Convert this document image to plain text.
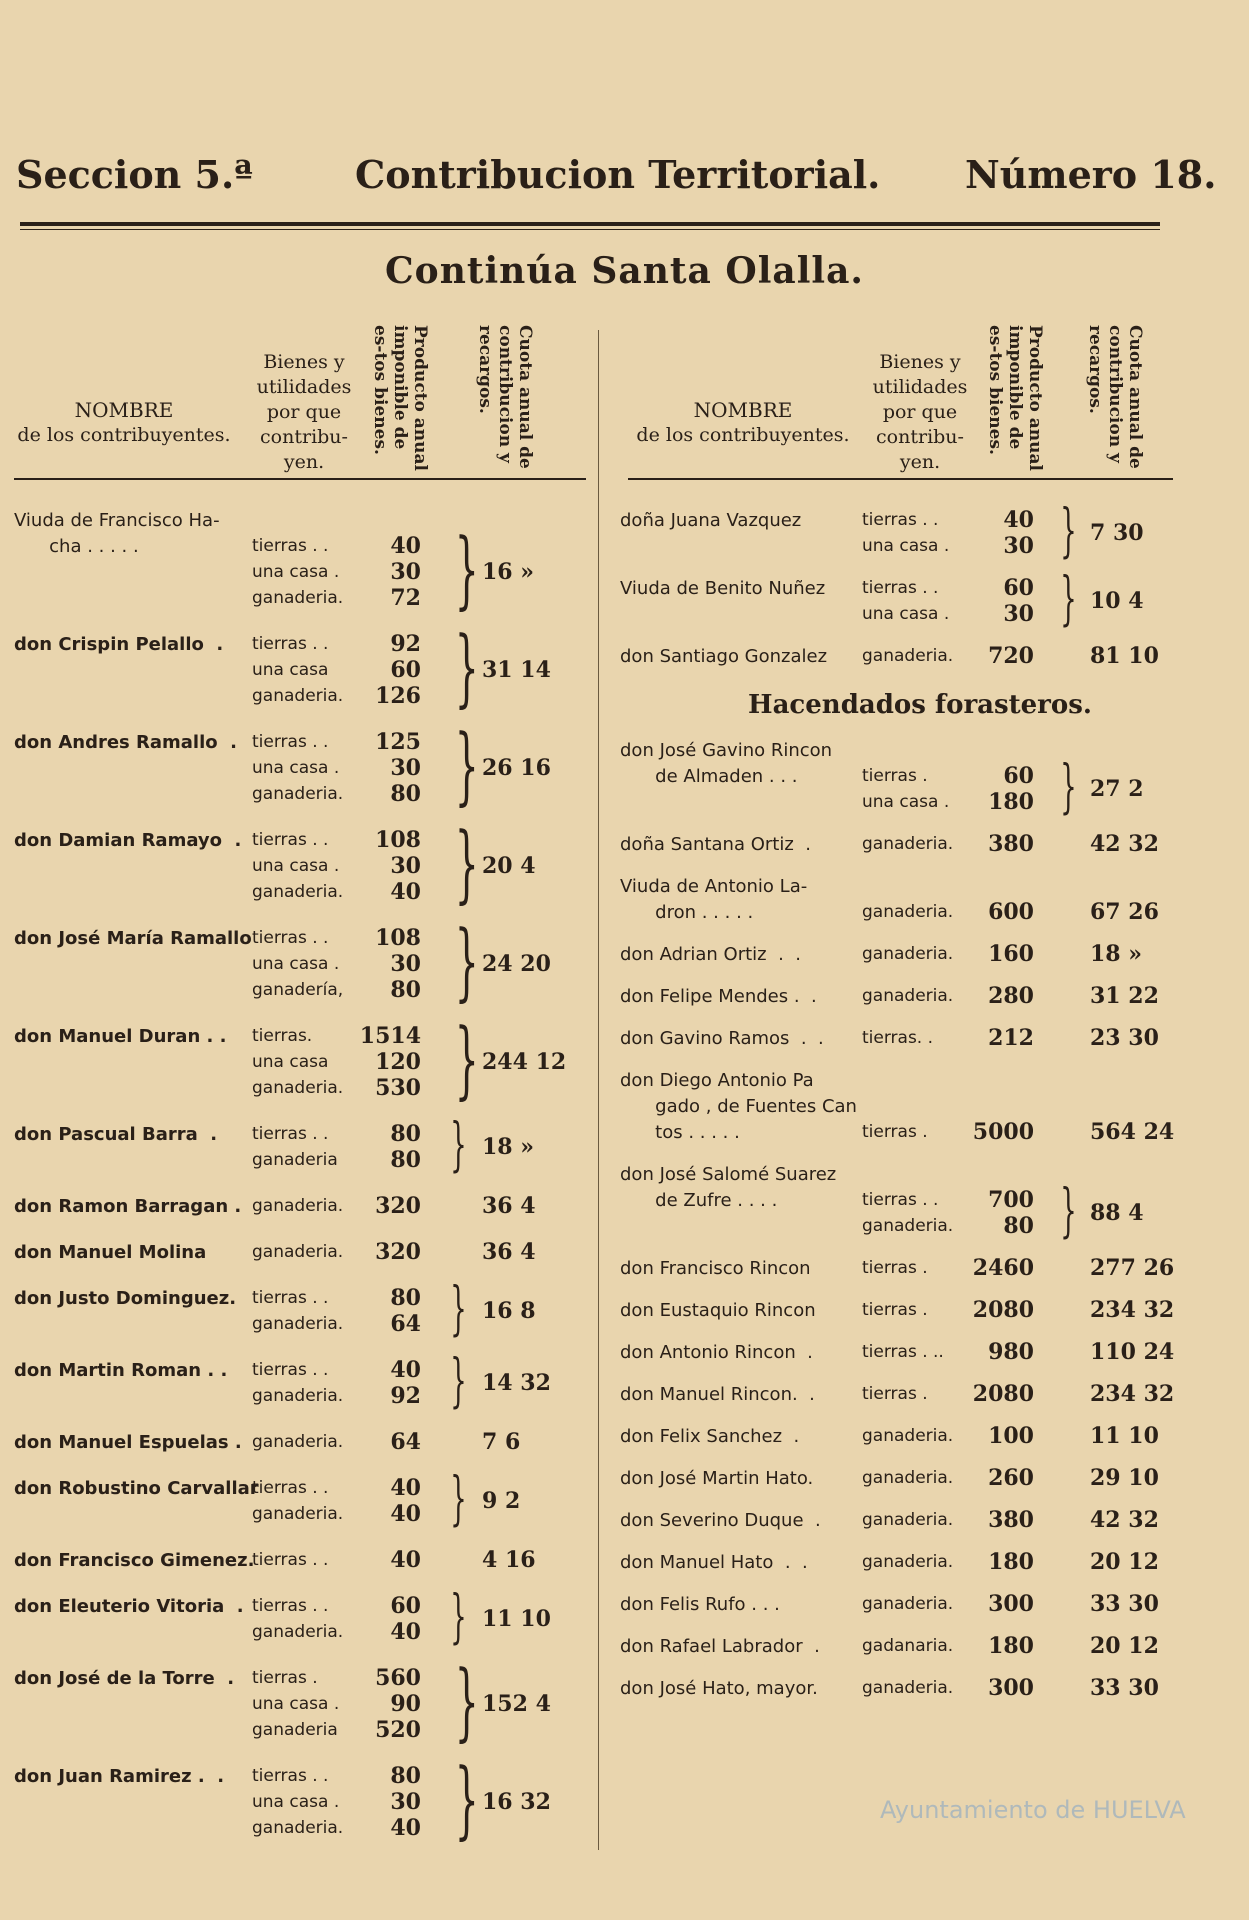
Seccion 5.ª	Contribucion Territorial. Número 18.
Continúa Santa Olalla.
NOMBRE
de los contribuyentes.
Bienes y utilidades por que contribu-yen.	Producto anual imponible de es-tos bienes.	Cuota anual de contribucion y recargos.	NOMBRE
de los contribuyentes.
Bienes y utilidades por que contribu-yen.	Producto anual imponible de es-tos bienes.	Cuota anual de contribucion y recargos.
Ayuntamiento de HUELVA
Viuda de Francisco Ha-
cha . . . . .	tierras . .	40
una casa .	30
ganaderia.	72 } 16 »
don Crispin Pelallo  . tierras . .	92
una casa	60
ganaderia.	126 } 31 14
don Andres Ramallo  . tierras . .	125
una casa .	30
ganaderia.	80 } 26 16
don Damian Ramayo  . tierras . .	108
una casa .	30
ganaderia.	40 } 20 4
don José María Ramallo tierras . .	108
una casa .	30
ganadería,	80 } 24 20
don Manuel Duran . . tierras. 1514
una casa	120
ganaderia.	530 } 244 12
don Pascual Barra  . tierras . .	80
ganaderia	80 } 18 »
don Ramon Barragan . ganaderia.	320	36 4
don Manuel Molina	ganaderia.	320	36 4
don Justo Dominguez. tierras . .	80
ganaderia.	64 } 16 8
don Martin Roman . . tierras . .	40
ganaderia.	92 } 14 32
don Manuel Espuelas . ganaderia.	64	7 6
don Robustino Carvallar
tierras . .	40
ganaderia.	40 } 9 2
don Francisco Gimenez.
tierras . .	40	4 16
don Eleuterio Vitoria  . tierras . .	60
ganaderia.	40 } 11 10
don José de la Torre  . tierras .	560
una casa .	90
ganaderia	520 } 152 4
don Juan Ramirez .  . tierras . .	80
una casa .	30
ganaderia.	40 } 16 32
doña Juana Vazquez	tierras . .	40
una casa .	30 } 7 30
Viuda de Benito Nuñez tierras . .	60
una casa .	30 } 10 4
don Santiago Gonzalez ganaderia.	720	81 10
Hacendados forasteros.
don José Gavino Rincon
de Almaden . . .	tierras .	60
una casa .	180 } 27 2
doña Santana Ortiz  .	ganaderia.	380	42 32
Viuda de Antonio La-
dron . . . . .	ganaderia.	600	67 26
don Adrian Ortiz  .  .	ganaderia.	160	18 »
don Felipe Mendes .  .	ganaderia.	280	31 22
don Gavino Ramos  .  . tierras. .	212	23 30
don Diego Antonio Pa
gado , de Fuentes Can
tos . . . . .	tierras . 5000	564 24
don José Salomé Suarez
de Zufre . . . .	tierras . .	700
ganaderia.	80 } 88 4
don Francisco Rincon	tierras . 2460	277 26
don Eustaquio Rincon	tierras . 2080	234 32
don Antonio Rincon  .	tierras . ..	980	110 24
don Manuel Rincon.  .	tierras . 2080	234 32
don Felix Sanchez  .	ganaderia.	100	11 10
don José Martin Hato.	ganaderia.	260	29 10
don Severino Duque  . ganaderia.	380	42 32
don Manuel Hato  .  .	ganaderia.	180	20 12
don Felis Rufo . . .	ganaderia.	300	33 30
don Rafael Labrador  . gadanaria.	180	20 12
don José Hato, mayor.	ganaderia.	300	33 30
